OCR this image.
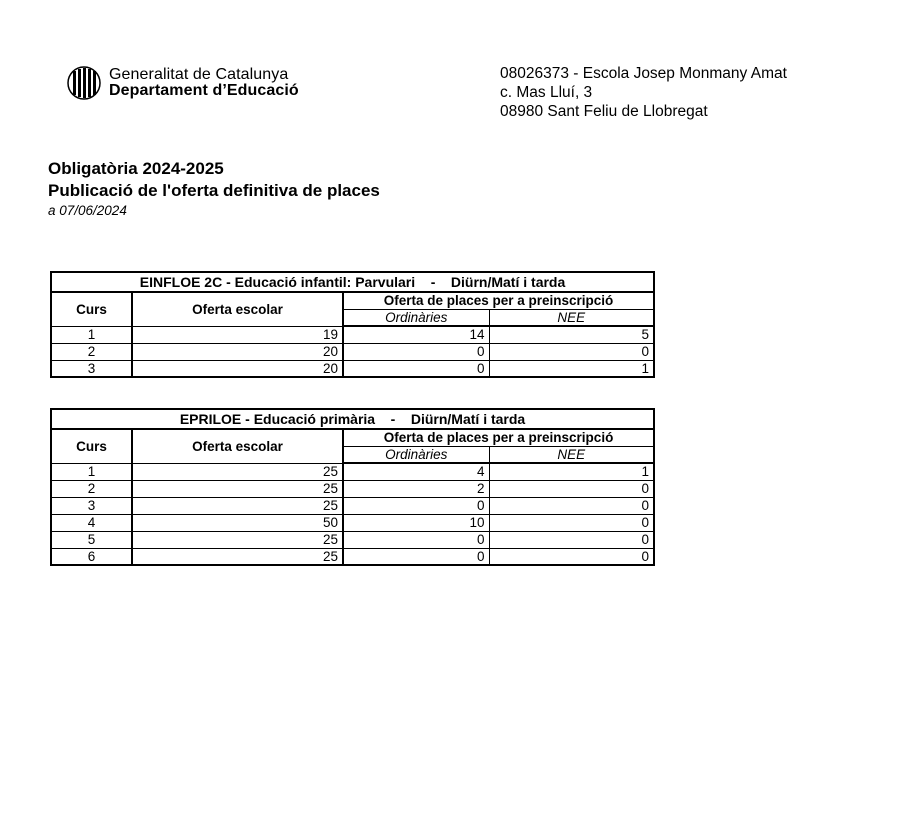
Generalitat de Catalunya
Departament d’Educació
08026373 - Escola Josep Monmany Amat
c. Mas Lluí, 3
08980 Sant Feliu de Llobregat
Obligatòria 2024-2025
Publicació de l'oferta definitiva de places
a 07/06/2024
EINFLOE 2C - Educació infantil: Parvulari    -    Diürn/Matí i tarda			
Curs	Oferta escolar	Oferta de places per a preinscripció	
		Ordinàries	NEE
1	19	14	5
2	20	0	0
3	20	0	1
EPRILOE - Educació primària    -    Diürn/Matí i tarda			
Curs	Oferta escolar	Oferta de places per a preinscripció	
		Ordinàries	NEE
1	25	4	1
2	25	2	0
3	25	0	0
4	50	10	0
5	25	0	0
6	25	0	0
